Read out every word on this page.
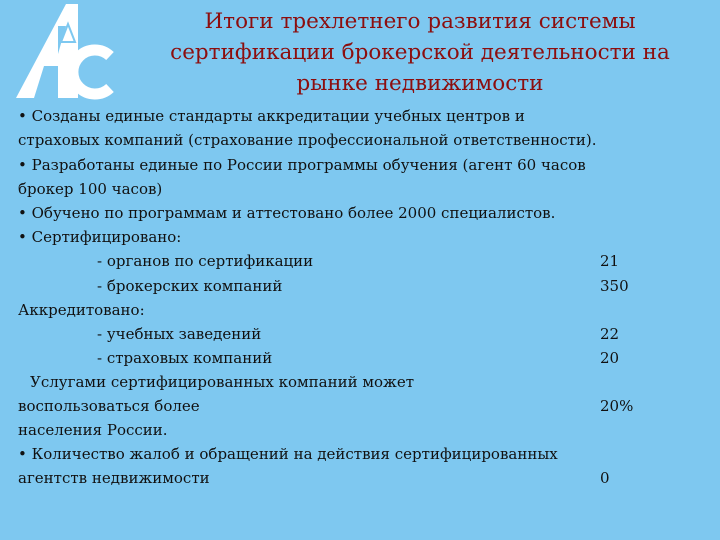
Итоги трехлетнего развития системы
сертификации брокерской деятельности на
рынке недвижимости
• Созданы единые стандарты аккредитации учебных центров и
страховых компаний (страхование профессиональной ответственности).
• Разработаны единые по России программы обучения (агент 60 часов
брокер 100 часов)
• Обучено по программам и аттестовано более 2000 специалистов.
• Сертифицировано:
- органов по сертификации	21
- брокерских компаний	350
Аккредитовано:
- учебных заведений	22
- страховых компаний	20
Услугами сертифицированных компаний может
воспользоваться более	20%
населения России.
• Количество жалоб и обращений на действия сертифицированных
агентств недвижимости	0
